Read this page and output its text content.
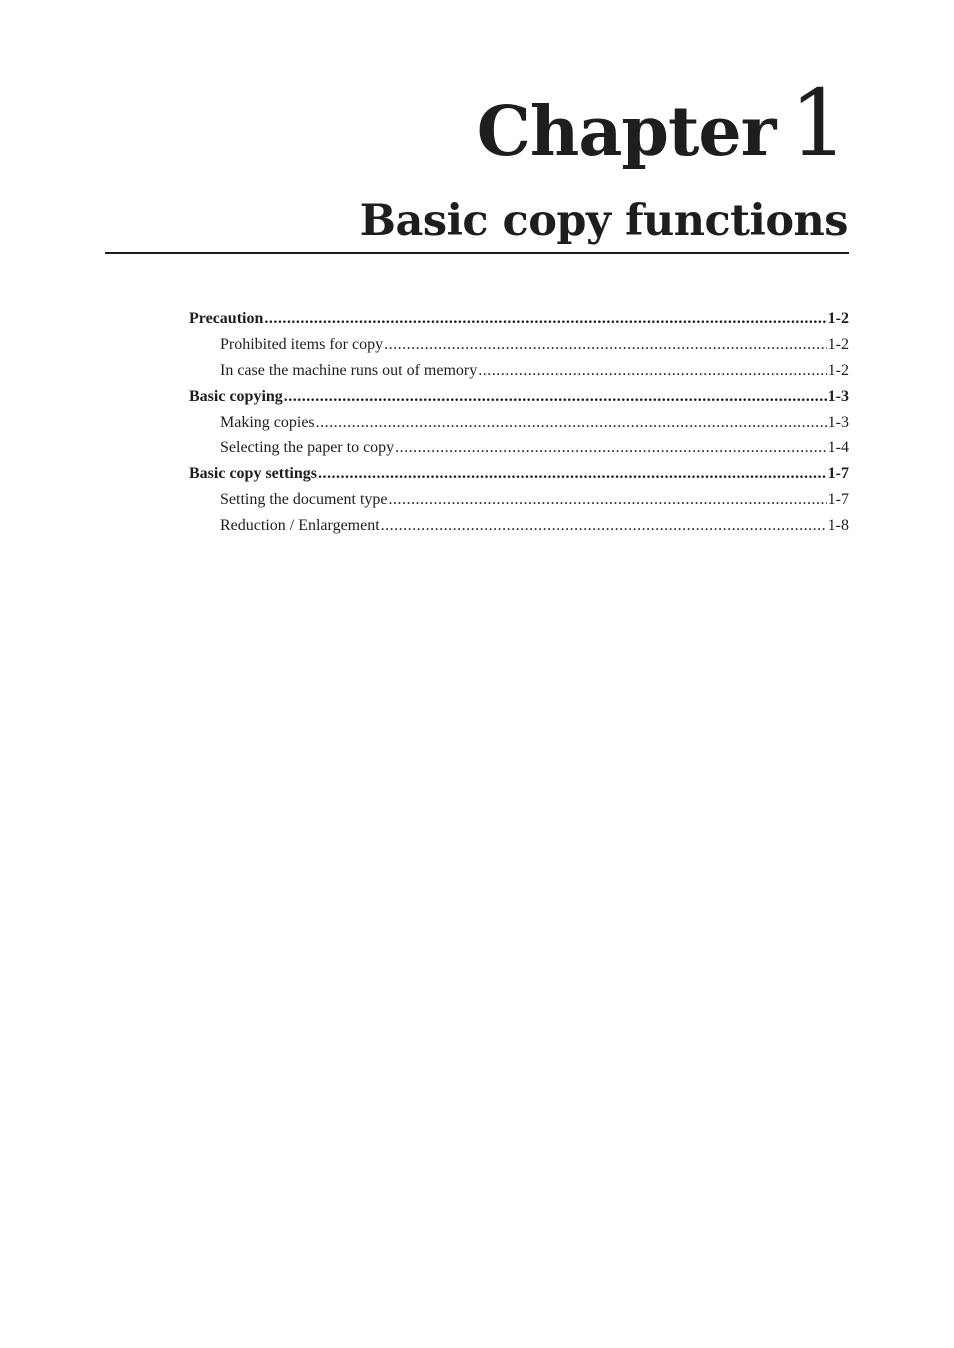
Chapter 1
Basic copy functions
Precaution .....	1-2
Prohibited items for copy .....	1-2
In case the machine runs out of memory .....	1-2
Basic copying .....	1-3
Making copies .....	1-3
Selecting the paper to copy .....	1-4
Basic copy settings .....	1-7
Setting the document type .....	1-7
Reduction / Enlargement .....	1-8
